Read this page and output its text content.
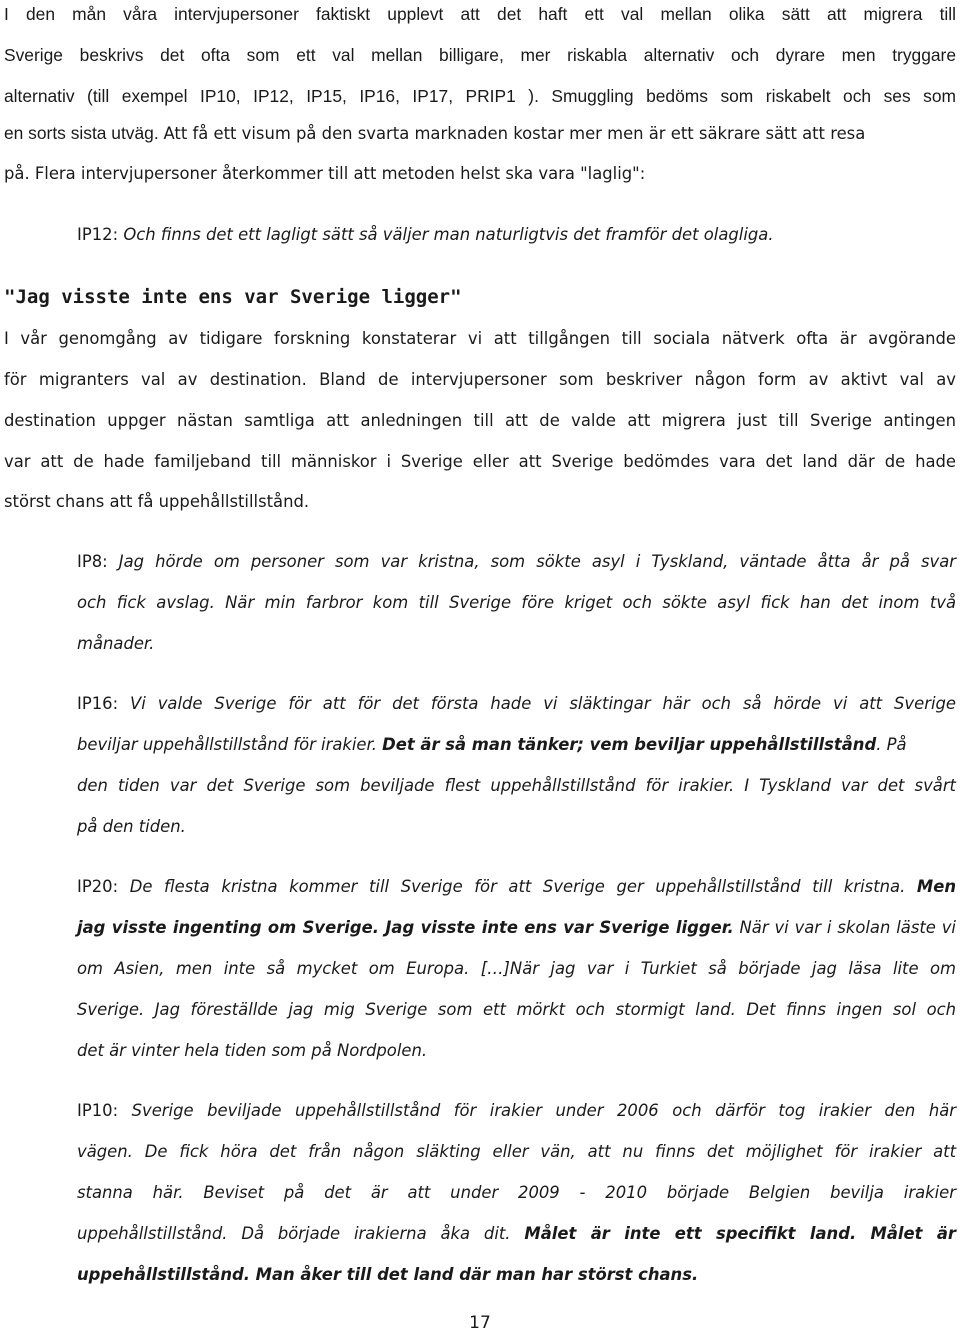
I den mån våra intervjupersoner faktiskt upplevt att det haft ett val mellan olika sätt att migrera till
Sverige beskrivs det ofta som ett val mellan billigare, mer riskabla alternativ och dyrare men tryggare
alternativ (till exempel IP10, IP12, IP15, IP16, IP17, PRIP1 ). Smuggling bedöms som riskabelt och ses som
en sorts sista utväg. Att få ett visum på den svarta marknaden kostar mer men är ett säkrare sätt att resa
på. Flera intervjupersoner återkommer till att metoden helst ska vara "laglig":
IP12: Och finns det ett lagligt sätt så väljer man naturligtvis det framför det olagliga.
"Jag visste inte ens var Sverige ligger"
I vår genomgång av tidigare forskning konstaterar vi att tillgången till sociala nätverk ofta är avgörande
för migranters val av destination. Bland de intervjupersoner som beskriver någon form av aktivt val av
destination uppger nästan samtliga att anledningen till att de valde att migrera just till Sverige antingen
var att de hade familjeband till människor i Sverige eller att Sverige bedömdes vara det land där de hade
störst chans att få uppehållstillstånd.
IP8: Jag hörde om personer som var kristna, som sökte asyl i Tyskland, väntade åtta år på svar
och fick avslag. När min farbror kom till Sverige före kriget och sökte asyl fick han det inom två
månader.
IP16: Vi valde Sverige för att för det första hade vi släktingar här och så hörde vi att Sverige
beviljar uppehållstillstånd för irakier. Det är så man tänker; vem beviljar uppehållstillstånd. På
den tiden var det Sverige som beviljade flest uppehållstillstånd för irakier. I Tyskland var det svårt
på den tiden.
IP20: De flesta kristna kommer till Sverige för att Sverige ger uppehållstillstånd till kristna. Men
jag visste ingenting om Sverige. Jag visste inte ens var Sverige ligger. När vi var i skolan läste vi
om Asien, men inte så mycket om Europa. […]När jag var i Turkiet så började jag läsa lite om
Sverige. Jag föreställde jag mig Sverige som ett mörkt och stormigt land. Det finns ingen sol och
det är vinter hela tiden som på Nordpolen.
IP10: Sverige beviljade uppehållstillstånd för irakier under 2006 och därför tog irakier den här
vägen. De fick höra det från någon släkting eller vän, att nu finns det möjlighet för irakier att
stanna här. Beviset på det är att under 2009 - 2010 började Belgien bevilja irakier
uppehållstillstånd. Då började irakierna åka dit. Målet är inte ett specifikt land. Målet är
uppehållstillstånd. Man åker till det land där man har störst chans.
17
